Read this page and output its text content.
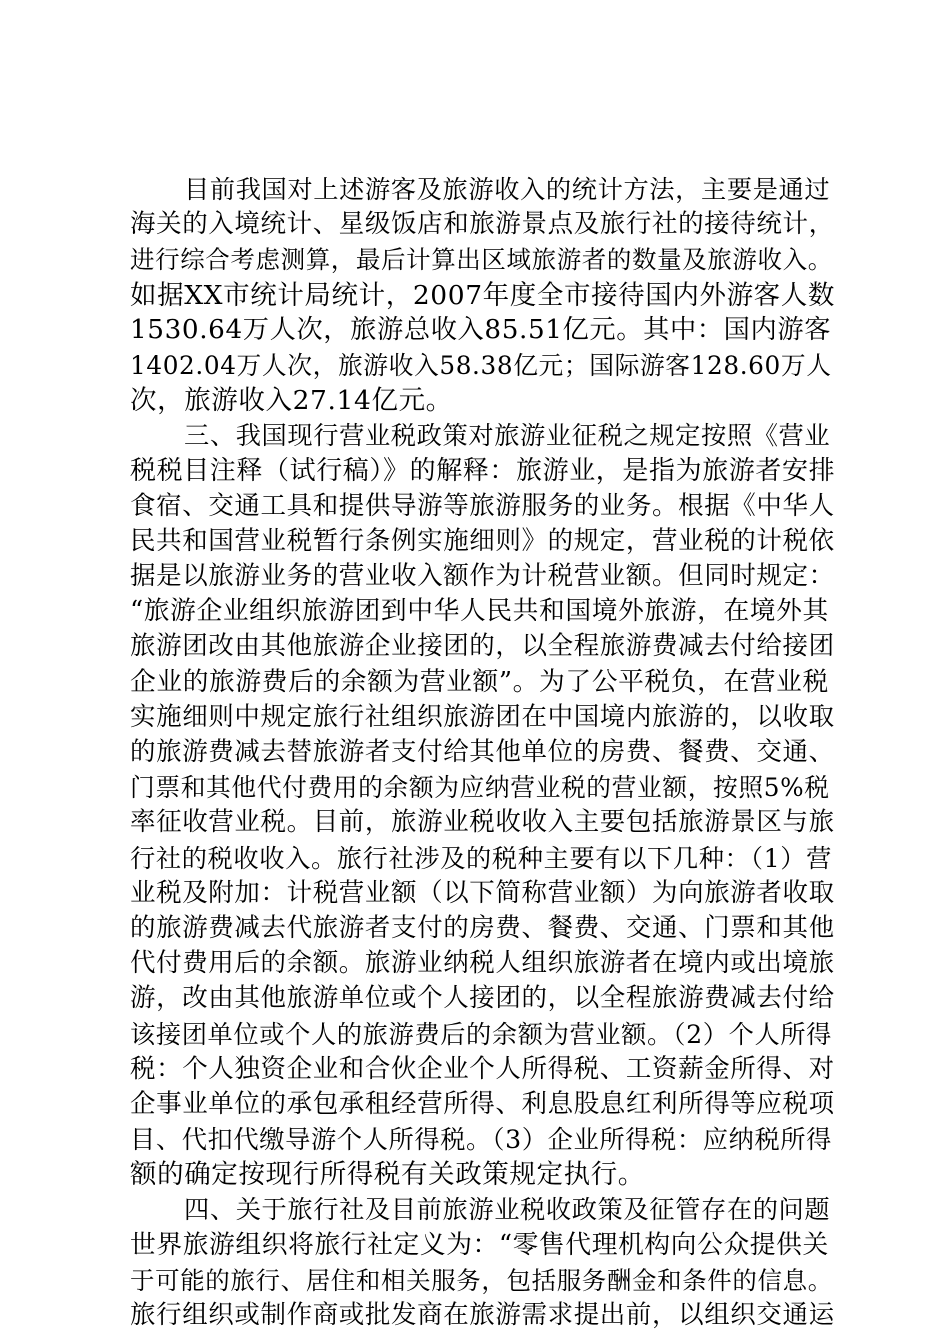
目前我国对上述游客及旅游收入的统计方法，主要是通过
海关的入境统计、星级饭店和旅游景点及旅行社的接待统计，
进行综合考虑测算，最后计算出区域旅游者的数量及旅游收入。
如据XX市统计局统计，2007年度全市接待国内外游客人数
1530.64万人次，旅游总收入85.51亿元。其中：国内游客
1402.04万人次，旅游收入58.38亿元；国际游客128.60万人
次，旅游收入27.14亿元。
三、我国现行营业税政策对旅游业征税之规定按照《营业
税税目注释（试行稿）》的解释：旅游业，是指为旅游者安排
食宿、交通工具和提供导游等旅游服务的业务。根据《中华人
民共和国营业税暂行条例实施细则》的规定，营业税的计税依
据是以旅游业务的营业收入额作为计税营业额。但同时规定：
“旅游企业组织旅游团到中华人民共和国境外旅游，在境外其
旅游团改由其他旅游企业接团的，以全程旅游费减去付给接团
企业的旅游费后的余额为营业额”。为了公平税负，在营业税
实施细则中规定旅行社组织旅游团在中国境内旅游的，以收取
的旅游费减去替旅游者支付给其他单位的房费、餐费、交通、
门票和其他代付费用的余额为应纳营业税的营业额，按照5%税
率征收营业税。目前，旅游业税收收入主要包括旅游景区与旅
行社的税收收入。旅行社涉及的税种主要有以下几种：（1）营
业税及附加：计税营业额（以下简称营业额）为向旅游者收取
的旅游费减去代旅游者支付的房费、餐费、交通、门票和其他
代付费用后的余额。旅游业纳税人组织旅游者在境内或出境旅
游，改由其他旅游单位或个人接团的，以全程旅游费减去付给
该接团单位或个人的旅游费后的余额为营业额。（2）个人所得
税：个人独资企业和合伙企业个人所得税、工资薪金所得、对
企事业单位的承包承租经营所得、利息股息红利所得等应税项
目、代扣代缴导游个人所得税。（3）企业所得税：应纳税所得
额的确定按现行所得税有关政策规定执行。
四、关于旅行社及目前旅游业税收政策及征管存在的问题
世界旅游组织将旅行社定义为：“零售代理机构向公众提供关
于可能的旅行、居住和相关服务，包括服务酬金和条件的信息。
旅行组织或制作商或批发商在旅游需求提出前，以组织交通运
